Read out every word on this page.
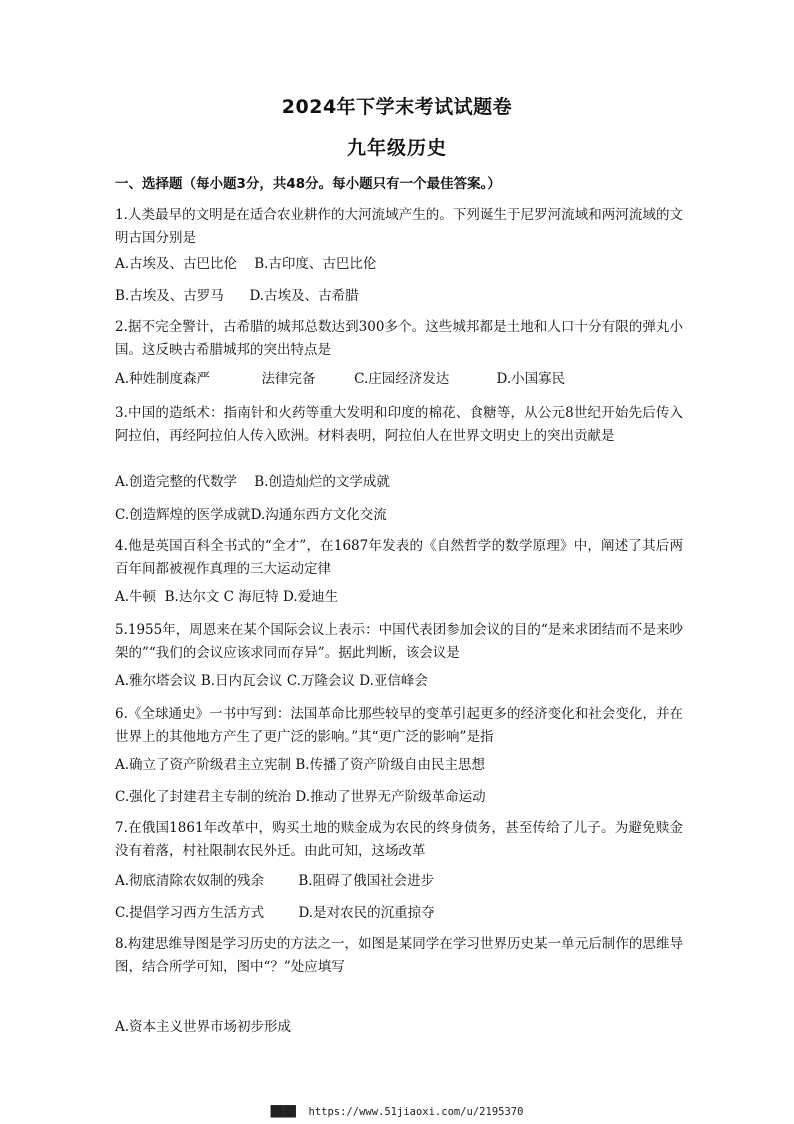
2024年下学末考试试题卷
九年级历史
一、选择题（每小题3分，共48分。每小题只有一个最佳答案。）
1.人类最早的文明是在适合农业耕作的大河流域产生的。下列诞生于尼罗河流域和两河流域的文明古国分别是
A.古埃及、古巴比伦    B.古印度、古巴比伦
B.古埃及、古罗马      D.古埃及、古希腊
2.据不完全警计，古希腊的城邦总数达到300多个。这些城邦都是土地和人口十分有限的弹丸小国。这反映古希腊城邦的突出特点是
A.种姓制度森严            法律完备         C.庄园经济发达           D.小国寡民
3.中国的造纸术：指南针和火药等重大发明和印度的棉花、食糖等，从公元8世纪开始先后传入阿拉伯，再经阿拉伯人传入欧洲。材料表明，阿拉伯人在世界文明史上的突出贡献是
A.创造完整的代数学    B.创造灿烂的文学成就
C.创造辉煌的医学成就D.沟通东西方文化交流
4.他是英国百科全书式的“全才”，在1687年发表的《自然哲学的数学原理》中，阐述了其后两百年间都被视作真理的三大运动定律
A.牛顿  B.达尔文 C 海厄特 D.爱迪生
5.1955年，周恩来在某个国际会议上表示：中国代表团参加会议的目的“是来求团结而不是来吵架的”“我们的会议应该求同而存异”。据此判断，该会议是
A.雅尔塔会议 B.日内瓦会议 C.万隆会议 D.亚信峰会
6.《全球通史》一书中写到：法国革命比那些较早的变革引起更多的经济变化和社会变化，并在世界上的其他地方产生了更广泛的影响。”其“更广泛的影响”是指
A.确立了资产阶级君主立宪制 B.传播了资产阶级自由民主思想
C.强化了封建君主专制的统治 D.推动了世界无产阶级革命运动
7.在俄国1861年改革中，购买土地的赎金成为农民的终身债务，甚至传给了儿子。为避免赎金没有着落，村社限制农民外迁。由此可知，这场改革
A.彻底清除农奴制的残余        B.阻碍了俄国社会进步
C.提倡学习西方生活方式        D.是对农民的沉重掠夺
8.构建思维导图是学习历史的方法之一，如图是某同学在学习世界历史某一单元后制作的思维导图，结合所学可知，图中“？”处应填写
A.资本主义世界市场初步形成
████  https://www.51jiaoxi.com/u/2195370
